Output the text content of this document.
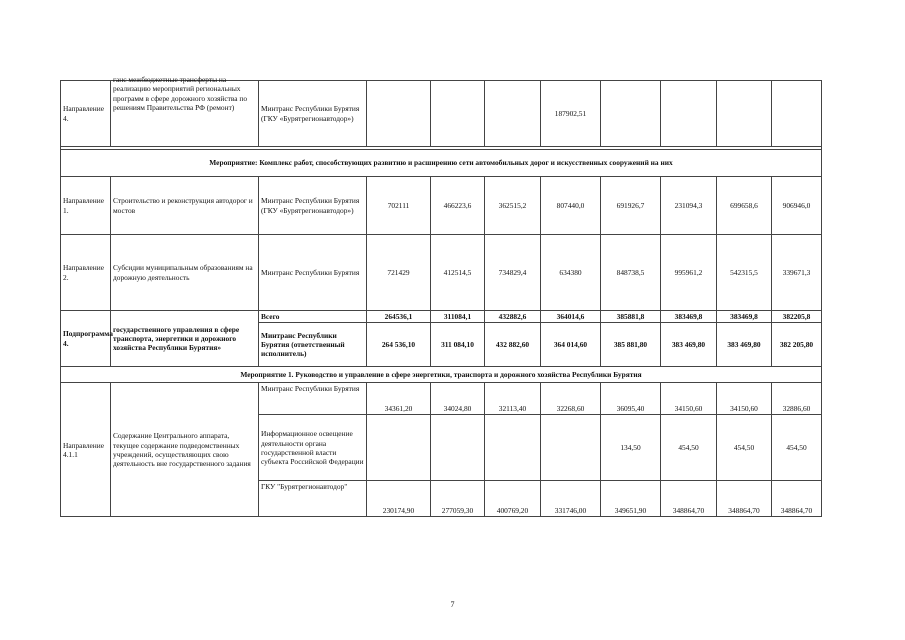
Направление 4.	ганс межбюджетные трансферты на реализацию мероприятий региональных программ в сфере дорожного хозяйства по решениям Правительства РФ (ремонт)	Минтранс Республики Бурятия (ГКУ «Бурятрегионавтодор»)				187902,51				

Мероприятие: Комплекс работ, способствующих развитию и расширению сети автомобильных дорог и искусственных сооружений на них										
Направление 1.	Строительство и реконструкция автодорог и мостов	Минтранс Республики Бурятия (ГКУ «Бурятрегионавтодор»)	702111	466223,6	362515,2	807440,0	691926,7	231094,3	699658,6	906946,0
Направление 2.	Субсидии муниципальным образованиям на дорожную деятельность	Минтранс Республики Бурятия	721429	412514,5	734829,4	634380	848738,5	995961,2	542315,5	339671,3
Подпрограмма 4.	государственного управления в сфере транспорта, энергетики и дорожного хозяйства Республики Бурятия»	Всего	264536,1	311084,1	432882,6	364014,6	385881,8	383469,8	383469,8	382205,8
		Минтранс Республики Бурятия (ответственный исполнитель)	264 536,10	311 084,10	432 882,60	364 014,60	385 881,80	383 469,80	383 469,80	382 205,80
Мероприятие 1. Руководство и управление в сфере энергетики, транспорта и дорожного хозяйства Республики Бурятия										
Направление 4.1.1	Содержание Центрального аппарата, текущее содержание подведомственных учреждений, осуществляющих свою деятельность вне государственного задания	Минтранс Республики Бурятия	34361,20	34024,80	32113,40	32268,60	36095,40	34150,60	34150,60	32886,60
		Информационное освещение деятельности органа государственной власти субъекта Российской Федерации					134,50	454,50	454,50	454,50
		ГКУ "Бурятрегионавтодор"	230174,90	277059,30	400769,20	331746,00	349651,90	348864,70	348864,70	348864,70
7
